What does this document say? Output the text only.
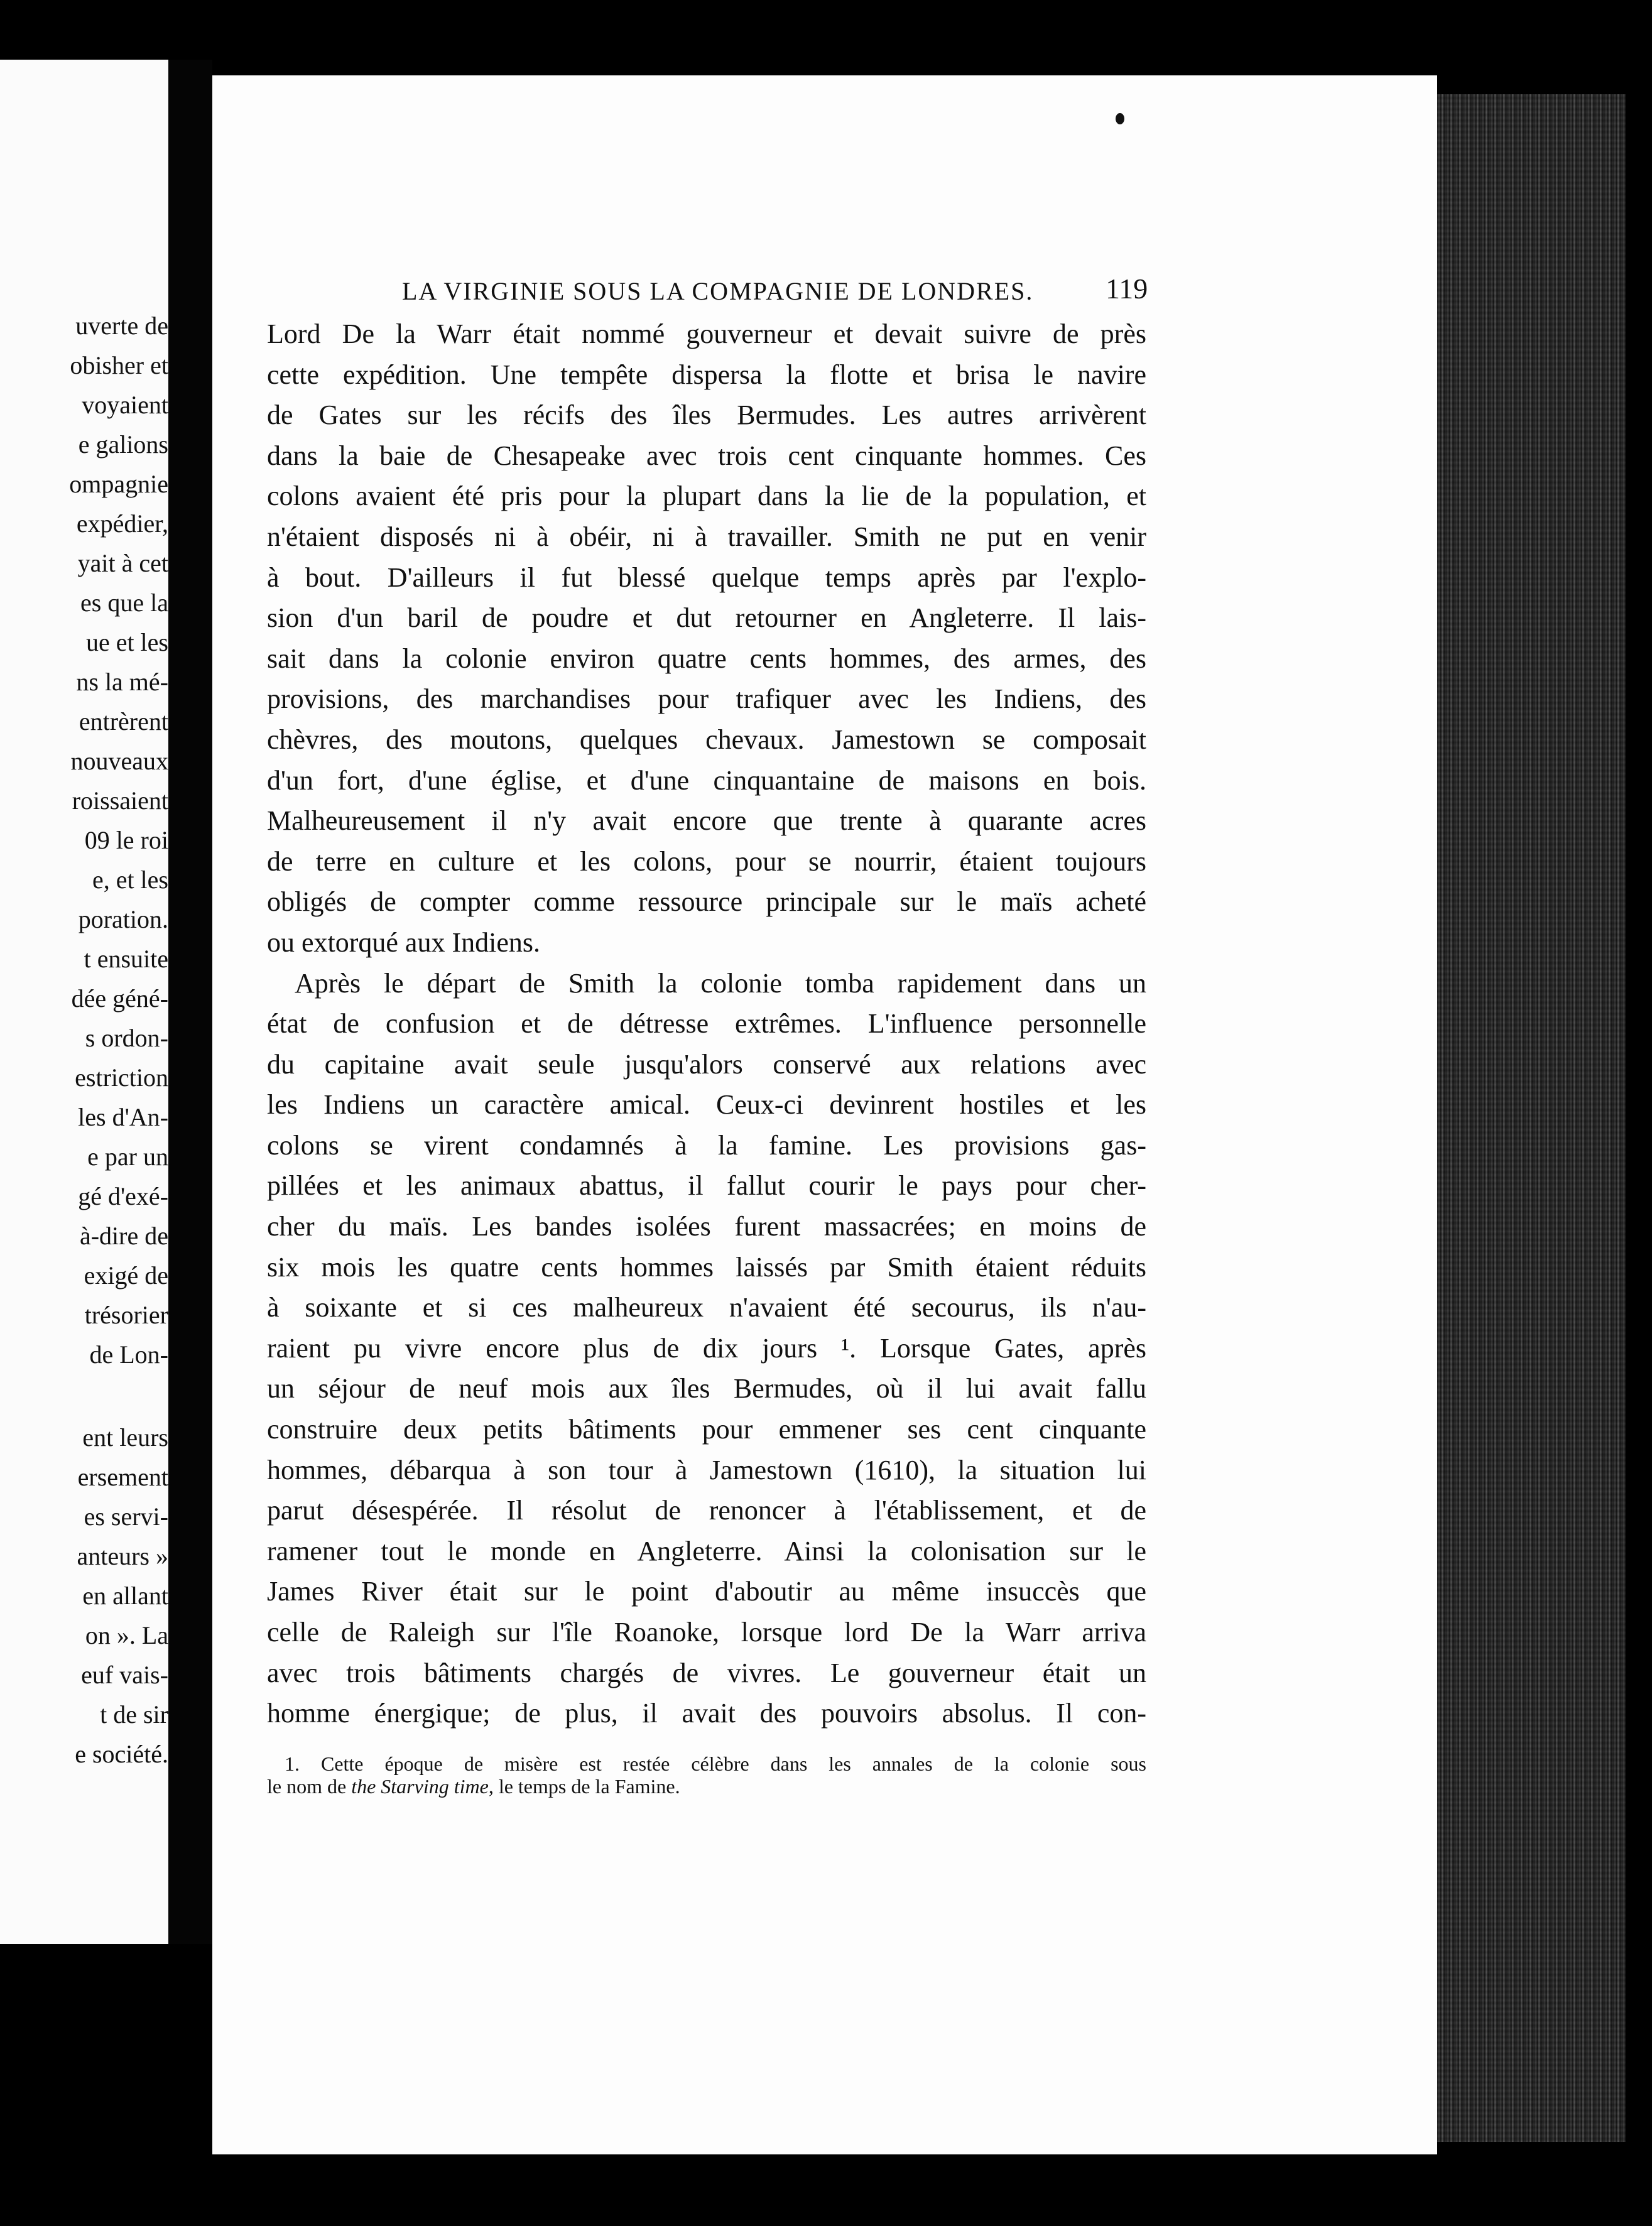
uverte de
obisher et
voyaient
e galions
ompagnie
expédier,
yait à cet
es que la
ue et les
ns la mé-
entrèrent
nouveaux
roissaient
09 le roi
e, et les
poration.
t ensuite
dée géné-
s ordon-
estriction
les d'An-
e par un
gé d'exé-
à-dire de
exigé de
trésorier
de Lon-
ent leurs
ersement
es servi-
anteurs »
en allant
on ». La
euf vais-
t de sir
e société.
LA VIRGINIE SOUS LA COMPAGNIE DE LONDRES. 119
Lord De la Warr était nommé gouverneur et devait suivre de près
cette expédition. Une tempête dispersa la flotte et brisa le navire
de Gates sur les récifs des îles Bermudes. Les autres arrivèrent
dans la baie de Chesapeake avec trois cent cinquante hommes. Ces
colons avaient été pris pour la plupart dans la lie de la population, et
n'étaient disposés ni à obéir, ni à travailler. Smith ne put en venir
à bout. D'ailleurs il fut blessé quelque temps après par l'explo-
sion d'un baril de poudre et dut retourner en Angleterre. Il lais-
sait dans la colonie environ quatre cents hommes, des armes, des
provisions, des marchandises pour trafiquer avec les Indiens, des
chèvres, des moutons, quelques chevaux. Jamestown se composait
d'un fort, d'une église, et d'une cinquantaine de maisons en bois.
Malheureusement il n'y avait encore que trente à quarante acres
de terre en culture et les colons, pour se nourrir, étaient toujours
obligés de compter comme ressource principale sur le maïs acheté
ou extorqué aux Indiens.
Après le départ de Smith la colonie tomba rapidement dans un
état de confusion et de détresse extrêmes. L'influence personnelle
du capitaine avait seule jusqu'alors conservé aux relations avec
les Indiens un caractère amical. Ceux-ci devinrent hostiles et les
colons se virent condamnés à la famine. Les provisions gas-
pillées et les animaux abattus, il fallut courir le pays pour cher-
cher du maïs. Les bandes isolées furent massacrées; en moins de
six mois les quatre cents hommes laissés par Smith étaient réduits
à soixante et si ces malheureux n'avaient été secourus, ils n'au-
raient pu vivre encore plus de dix jours ¹. Lorsque Gates, après
un séjour de neuf mois aux îles Bermudes, où il lui avait fallu
construire deux petits bâtiments pour emmener ses cent cinquante
hommes, débarqua à son tour à Jamestown (1610), la situation lui
parut désespérée. Il résolut de renoncer à l'établissement, et de
ramener tout le monde en Angleterre. Ainsi la colonisation sur le
James River était sur le point d'aboutir au même insuccès que
celle de Raleigh sur l'île Roanoke, lorsque lord De la Warr arriva
avec trois bâtiments chargés de vivres. Le gouverneur était un
homme énergique; de plus, il avait des pouvoirs absolus. Il con-
1. Cette époque de misère est restée célèbre dans les annales de la colonie sous
le nom de the Starving time, le temps de la Famine.
